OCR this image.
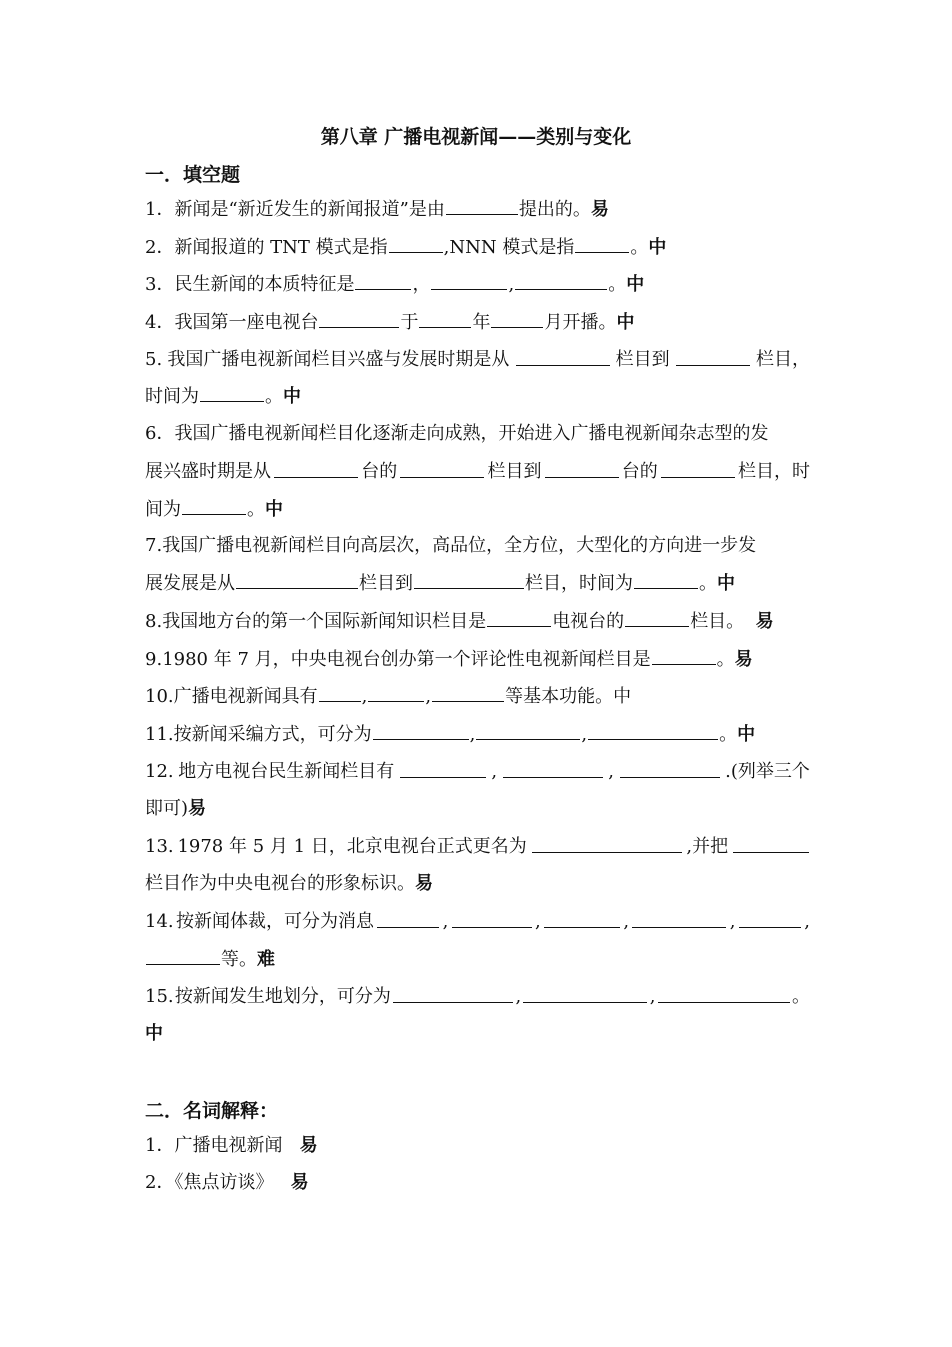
第八章 广播电视新闻——类别与变化
一．填空题
1．新闻是“新近发生的新闻报道”是由	提出的。易
2．新闻报道的 TNT 模式是指	,NNN 模式是指	。中
3．民生新闻的本质特征是	，	,	。中
4．我国第一座电视台	于	年	月开播。中
5. 我国广播电视新闻栏目兴盛与发展时期是从	栏目到	栏目，
时间为	。中
6．我国广播电视新闻栏目化逐渐走向成熟，开始进入广播电视新闻杂志型的发
展兴盛时期是从	台的	栏目到	台的	栏目，时
间为	。中
7.我国广播电视新闻栏目向高层次，高品位，全方位，大型化的方向进一步发
展发展是从	栏目到	栏目，时间为	。中
8.我国地方台的第一个国际新闻知识栏目是	电视台的	栏目。 易
9.1980 年 7 月，中央电视台创办第一个评论性电视新闻栏目是	。易
10.广播电视新闻具有 ,	,	等基本功能。中
11.按新闻采编方式，可分为	,	,	。中
12. 地方电视台民生新闻栏目有	,	,	.(列举三个
即可)易
13. 1978 年 5 月 1 日，北京电视台正式更名为	,并把
栏目作为中央电视台的形象标识。易
14. 按新闻体裁，可分为消息	,	,	,	,	,
等。难
15. 按新闻发生地划分，可分为	,	,	。
中
二．名词解释：
1．广播电视新闻 易
2．《焦点访谈》 易
